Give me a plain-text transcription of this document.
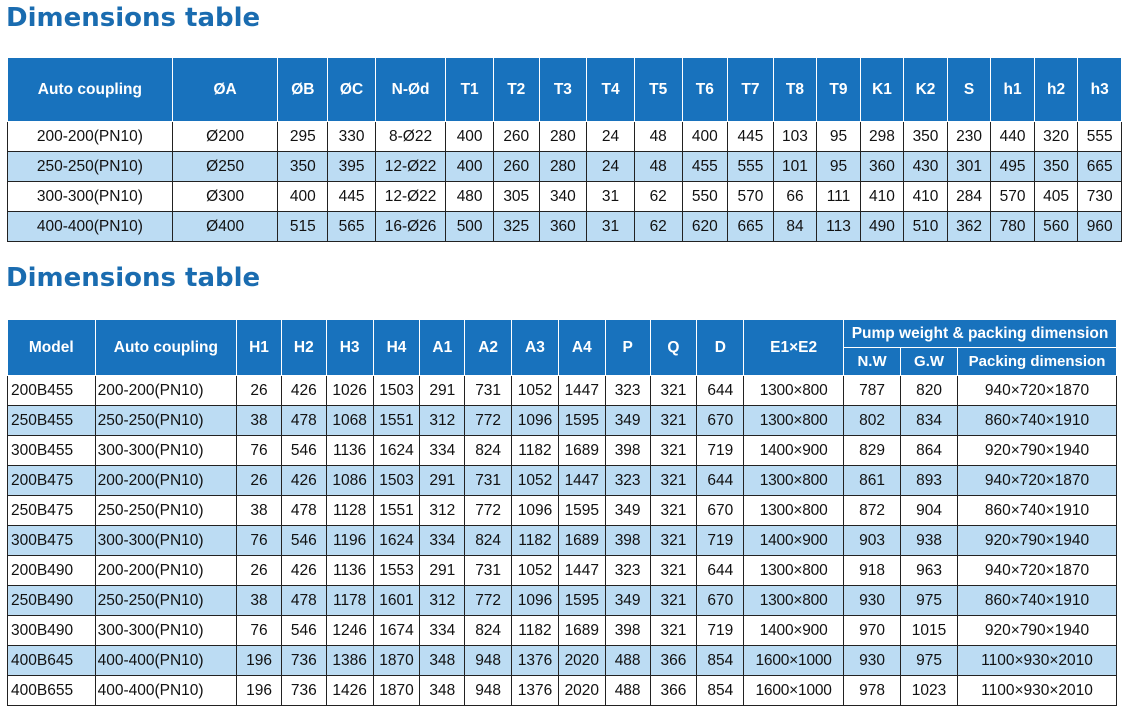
Dimensions table
Auto coupling	ØA	ØB	ØC	N-Ød	T1	T2	T3	T4	T5	T6	T7	T8	T9	K1	K2	S	h1	h2	h3
200-200(PN10)	Ø200	295	330	8-Ø22	400	260	280	24	48	400	445	103	95	298	350	230	440	320	555
250-250(PN10)	Ø250	350	395	12-Ø22	400	260	280	24	48	455	555	101	95	360	430	301	495	350	665
300-300(PN10)	Ø300	400	445	12-Ø22	480	305	340	31	62	550	570	66	111	410	410	284	570	405	730
400-400(PN10)	Ø400	515	565	16-Ø26	500	325	360	31	62	620	665	84	113	490	510	362	780	560	960
Dimensions table
Model	Auto coupling	H1	H2	H3	H4	A1	A2	A3	A4	P	Q	D	E1×E2	Pump weight & packing dimension		
														N.W	G.W	Packing dimension
200B455	200-200(PN10)	26	426	1026	1503	291	731	1052	1447	323	321	644	1300×800	787	820	940×720×1870
250B455	250-250(PN10)	38	478	1068	1551	312	772	1096	1595	349	321	670	1300×800	802	834	860×740×1910
300B455	300-300(PN10)	76	546	1136	1624	334	824	1182	1689	398	321	719	1400×900	829	864	920×790×1940
200B475	200-200(PN10)	26	426	1086	1503	291	731	1052	1447	323	321	644	1300×800	861	893	940×720×1870
250B475	250-250(PN10)	38	478	1128	1551	312	772	1096	1595	349	321	670	1300×800	872	904	860×740×1910
300B475	300-300(PN10)	76	546	1196	1624	334	824	1182	1689	398	321	719	1400×900	903	938	920×790×1940
200B490	200-200(PN10)	26	426	1136	1553	291	731	1052	1447	323	321	644	1300×800	918	963	940×720×1870
250B490	250-250(PN10)	38	478	1178	1601	312	772	1096	1595	349	321	670	1300×800	930	975	860×740×1910
300B490	300-300(PN10)	76	546	1246	1674	334	824	1182	1689	398	321	719	1400×900	970	1015	920×790×1940
400B645	400-400(PN10)	196	736	1386	1870	348	948	1376	2020	488	366	854	1600×1000	930	975	1100×930×2010
400B655	400-400(PN10)	196	736	1426	1870	348	948	1376	2020	488	366	854	1600×1000	978	1023	1100×930×2010
